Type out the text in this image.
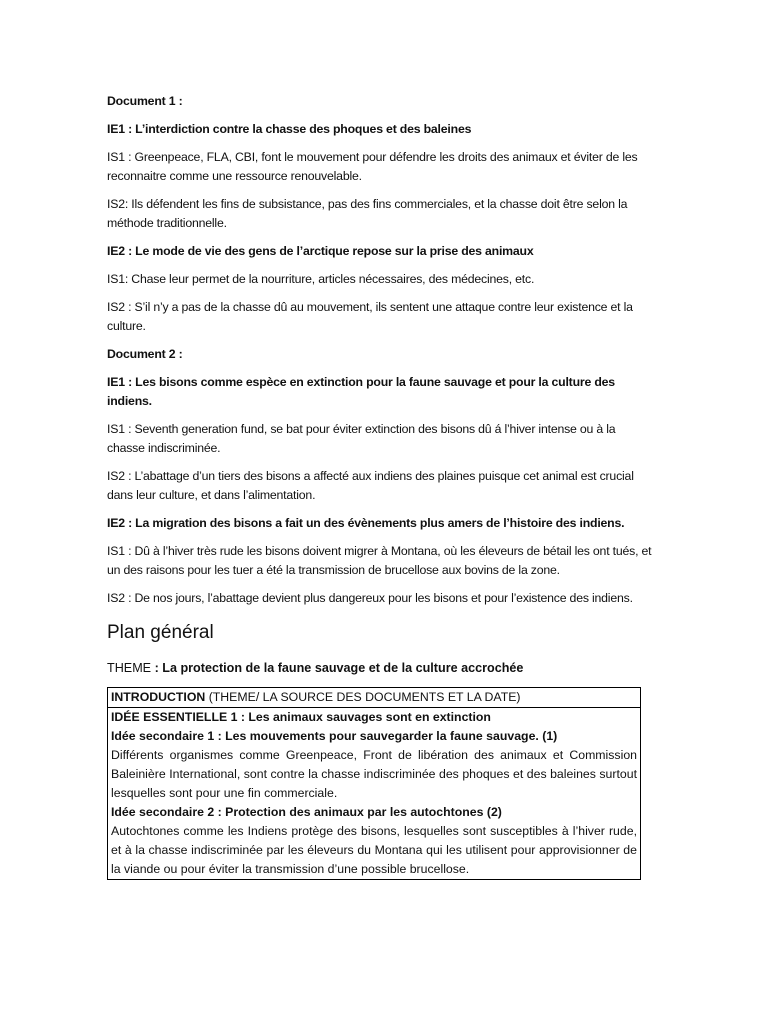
Document 1 :

IE1 : L’interdiction contre la chasse des phoques et des baleines

IS1 : Greenpeace, FLA, CBI, font le mouvement pour défendre les droits des animaux et éviter de les reconnaitre comme une ressource renouvelable.

IS2: Ils défendent les fins de subsistance, pas des fins commerciales, et la chasse doit être selon la méthode traditionnelle.

IE2 : Le mode de vie des gens de l’arctique repose sur la prise des animaux

IS1: Chase leur permet de la nourriture, articles nécessaires, des médecines, etc.

IS2 : S’il n’y a pas de la chasse dû au mouvement, ils sentent une attaque contre leur existence et la culture.

Document 2 :

IE1 : Les bisons comme espèce en extinction pour la faune sauvage et pour la culture des indiens.

IS1 : Seventh generation fund, se bat pour éviter extinction des bisons dû á l’hiver intense ou à la chasse indiscriminée.

IS2 : L’abattage d’un tiers des bisons a affecté aux indiens des plaines puisque cet animal est crucial dans leur culture, et dans l’alimentation.

IE2 : La migration des bisons a fait un des évènements plus amers de l’histoire des indiens.

IS1 : Dû à l’hiver très rude les bisons doivent migrer à Montana, où les éleveurs de bétail les ont tués, et un des raisons pour les tuer a été la transmission de brucellose aux bovins de la zone.

IS2 : De nos jours, l’abattage devient plus dangereux pour les bisons et pour l’existence des indiens.

Plan général
THEME : La protection de la faune sauvage et de la culture accrochée
INTRODUCTION (THEME/ LA SOURCE DES DOCUMENTS ET LA DATE)

IDÉE ESSENTIELLE 1 : Les animaux sauvages sont en extinction
Idée secondaire 1 : Les mouvements pour sauvegarder la faune sauvage. (1)
Différents organismes comme Greenpeace, Front de libération des animaux et Commission Baleinière International, sont contre la chasse indiscriminée des phoques et des baleines surtout lesquelles sont pour une fin commerciale.
Idée secondaire 2 : Protection des animaux par les autochtones (2)
Autochtones comme les Indiens protège des bisons, lesquelles sont susceptibles à l’hiver rude, et à la chasse indiscriminée par les éleveurs du Montana qui les utilisent pour approvisionner de la viande ou pour éviter la transmission d’une possible brucellose.
